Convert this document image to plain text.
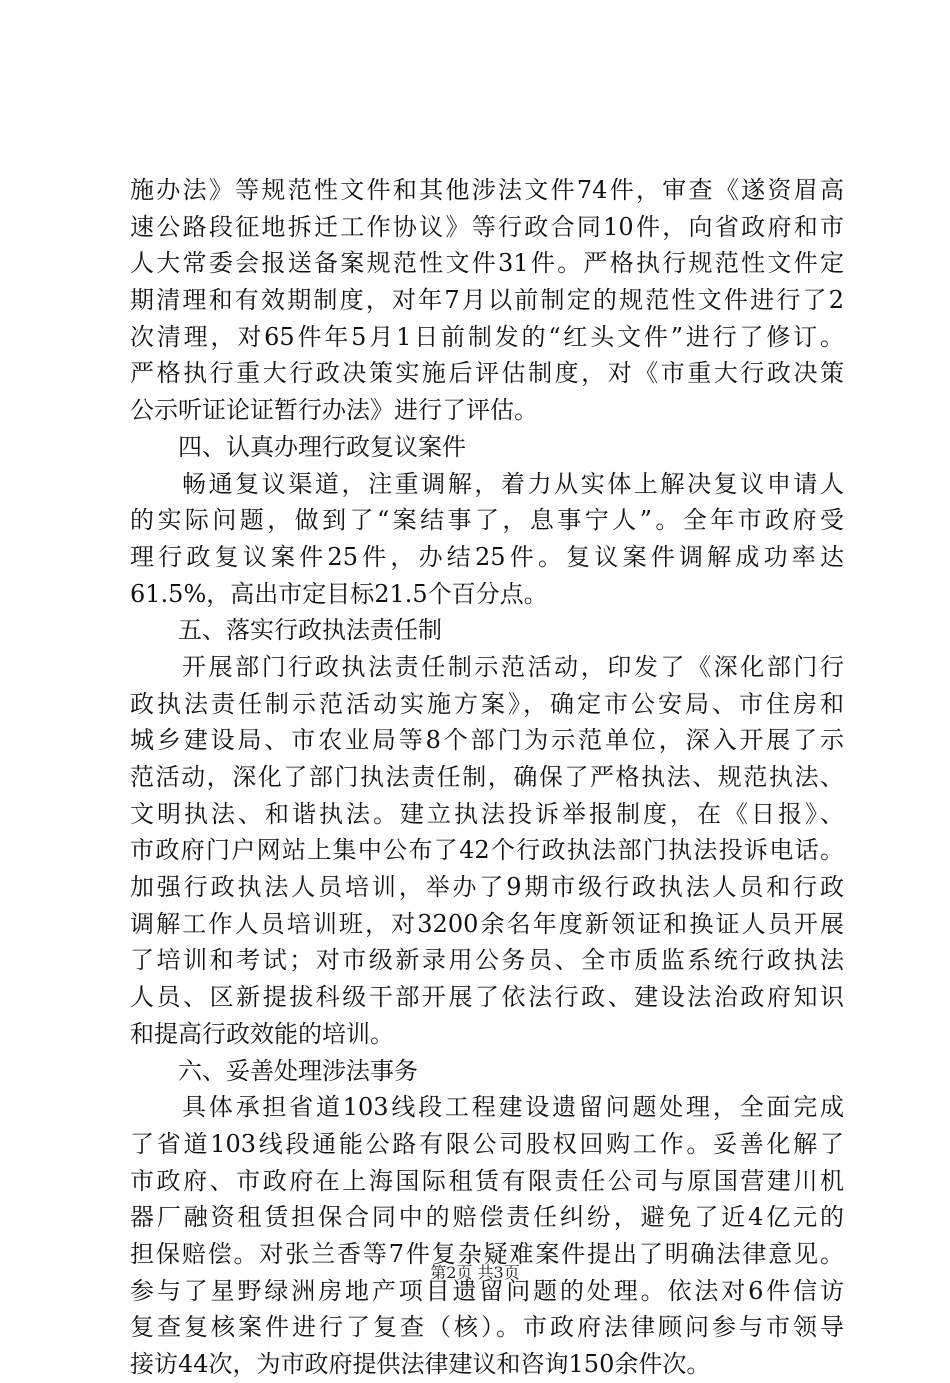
施办法》等规范性文件和其他涉法文件74件，审查《遂资眉高
速公路段征地拆迁工作协议》等行政合同10件，向省政府和市
人大常委会报送备案规范性文件31件。严格执行规范性文件定
期清理和有效期制度，对年7月以前制定的规范性文件进行了2
次清理，对65件年5月1日前制发的“红头文件”进行了修订。
严格执行重大行政决策实施后评估制度，对《市重大行政决策
公示听证论证暂行办法》进行了评估。
四、认真办理行政复议案件
畅通复议渠道，注重调解，着力从实体上解决复议申请人
的实际问题，做到了“案结事了，息事宁人”。全年市政府受
理行政复议案件25件，办结25件。复议案件调解成功率达
61.5%，高出市定目标21.5个百分点。
五、落实行政执法责任制
开展部门行政执法责任制示范活动，印发了《深化部门行
政执法责任制示范活动实施方案》，确定市公安局、市住房和
城乡建设局、市农业局等8个部门为示范单位，深入开展了示
范活动，深化了部门执法责任制，确保了严格执法、规范执法、
文明执法、和谐执法。建立执法投诉举报制度，在《日报》、
市政府门户网站上集中公布了42个行政执法部门执法投诉电话。
加强行政执法人员培训，举办了9期市级行政执法人员和行政
调解工作人员培训班，对3200余名年度新领证和换证人员开展
了培训和考试；对市级新录用公务员、全市质监系统行政执法
人员、区新提拔科级干部开展了依法行政、建设法治政府知识
和提高行政效能的培训。
六、妥善处理涉法事务
具体承担省道103线段工程建设遗留问题处理，全面完成
了省道103线段通能公路有限公司股权回购工作。妥善化解了
市政府、市政府在上海国际租赁有限责任公司与原国营建川机
器厂融资租赁担保合同中的赔偿责任纠纷，避免了近4亿元的
担保赔偿。对张兰香等7件复杂疑难案件提出了明确法律意见。
参与了星野绿洲房地产项目遗留问题的处理。依法对6件信访
复查复核案件进行了复查（核）。市政府法律顾问参与市领导
接访44次，为市政府提供法律建议和咨询150余件次。
第2页 共3页
